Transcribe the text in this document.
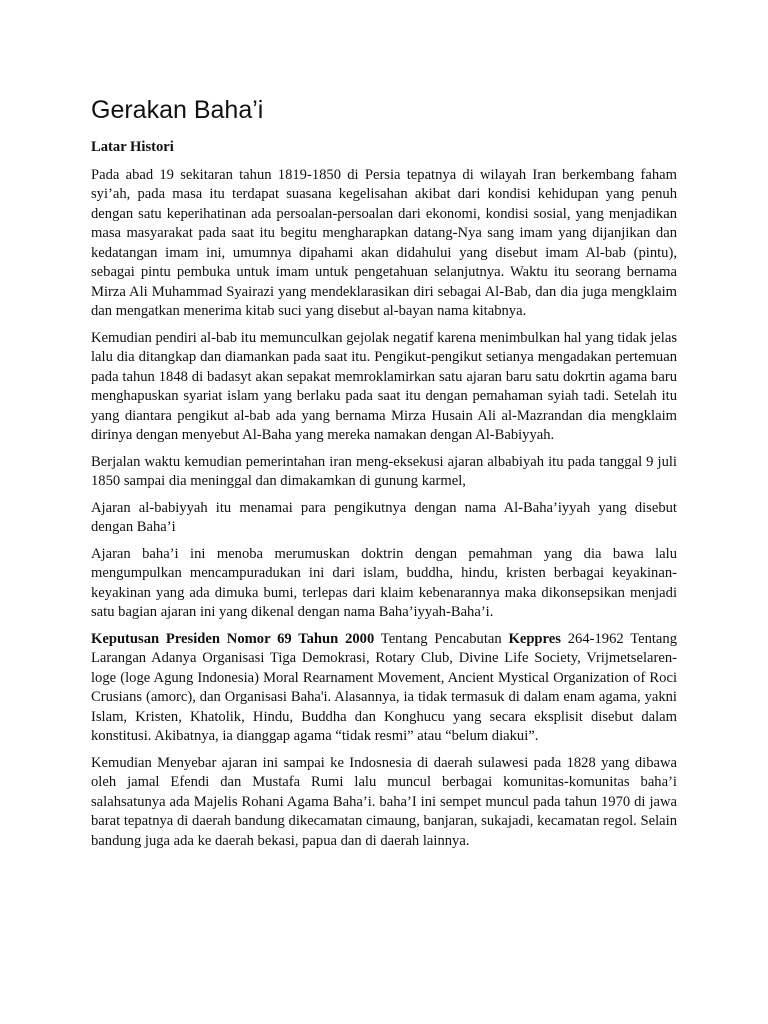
Gerakan Baha’i
Latar Histori

Pada abad 19 sekitaran tahun 1819-1850 di Persia tepatnya di wilayah Iran berkembang faham syi’ah, pada masa itu terdapat suasana kegelisahan akibat dari kondisi kehidupan yang penuh dengan satu keperihatinan ada persoalan-persoalan dari ekonomi, kondisi sosial, yang menjadikan masa masyarakat pada saat itu begitu mengharapkan datang-Nya sang imam yang dijanjikan dan kedatangan imam ini, umumnya dipahami akan didahului yang disebut imam Al-bab (pintu), sebagai pintu pembuka untuk imam untuk pengetahuan selanjutnya. Waktu itu seorang bernama Mirza Ali Muhammad Syairazi yang mendeklarasikan diri sebagai Al-Bab, dan dia juga mengklaim dan mengatkan menerima kitab suci yang disebut al-bayan nama kitabnya.

Kemudian pendiri al-bab itu memunculkan gejolak negatif karena menimbulkan hal yang tidak jelas lalu dia ditangkap dan diamankan pada saat itu. Pengikut-pengikut setianya mengadakan pertemuan pada tahun 1848 di badasyt akan sepakat memroklamirkan satu ajaran baru satu dokrtin agama baru menghapuskan syariat islam yang berlaku pada saat itu dengan pemahaman syiah tadi. Setelah itu yang diantara pengikut al-bab ada yang bernama Mirza Husain Ali al-Mazrandan dia mengklaim dirinya dengan menyebut Al-Baha yang mereka namakan dengan Al-Babiyyah.

Berjalan waktu kemudian pemerintahan iran meng-eksekusi ajaran albabiyah itu pada tanggal 9 juli 1850 sampai dia meninggal dan dimakamkan di gunung karmel,

Ajaran al-babiyyah itu menamai para pengikutnya dengan nama Al-Baha’iyyah yang disebut dengan Baha’i

Ajaran baha’i ini menoba merumuskan doktrin dengan pemahman yang dia bawa lalu mengumpulkan mencampuradukan ini dari islam, buddha, hindu, kristen berbagai keyakinan-keyakinan yang ada dimuka bumi, terlepas dari klaim kebenarannya maka dikonsepsikan menjadi satu bagian ajaran ini yang dikenal dengan nama Baha’iyyah-Baha’i.

Keputusan Presiden Nomor 69 Tahun 2000 Tentang Pencabutan Keppres 264-1962 Tentang Larangan Adanya Organisasi Tiga Demokrasi, Rotary Club, Divine Life Society, Vrijmetselaren-loge (loge Agung Indonesia) Moral Rearnament Movement, Ancient Mystical Organization of Roci Crusians (amorc), dan Organisasi Baha'i. Alasannya, ia tidak termasuk di dalam enam agama, yakni Islam, Kristen, Khatolik, Hindu, Buddha dan Konghucu yang secara eksplisit disebut dalam konstitusi. Akibatnya, ia dianggap agama “tidak resmi” atau “belum diakui”.

Kemudian Menyebar ajaran ini sampai ke Indosnesia di daerah sulawesi pada 1828 yang dibawa oleh jamal Efendi dan Mustafa Rumi lalu muncul berbagai komunitas-komunitas baha’i salahsatunya ada Majelis Rohani Agama Baha’i. baha’I ini sempet muncul pada tahun 1970 di jawa barat tepatnya di daerah bandung dikecamatan cimaung, banjaran, sukajadi, kecamatan regol. Selain bandung juga ada ke daerah bekasi, papua dan di daerah lainnya.
